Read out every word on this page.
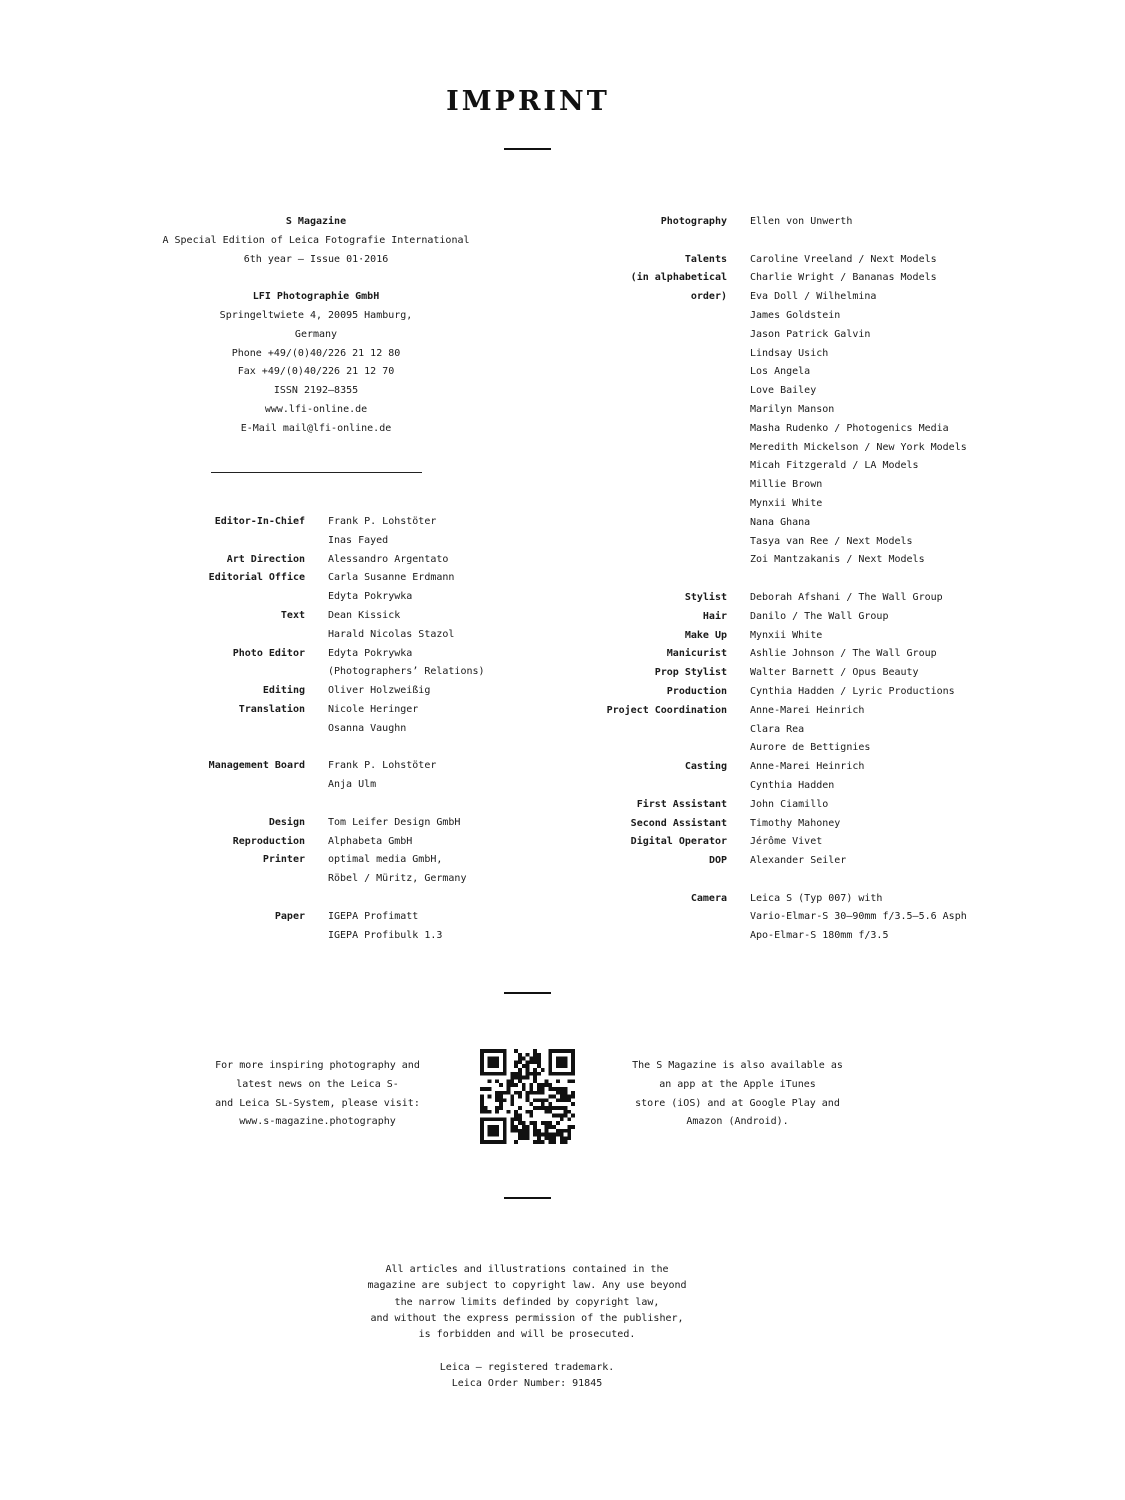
IMPRINT
S Magazine
A Special Edition of Leica Fotografie International
6th year – Issue 01·2016
LFI Photographie GmbH
Springeltwiete 4, 20095 Hamburg,
Germany
Phone +49/(0)40/226 21 12 80
Fax +49/(0)40/226 21 12 70
ISSN 2192–8355
www.lfi-online.de
E-Mail mail@lfi-online.de
Editor-In-Chief Frank P. Lohstöter
Inas Fayed
Art Direction Alessandro Argentato
Editorial Office Carla Susanne Erdmann
Edyta Pokrywka
Text Dean Kissick
Harald Nicolas Stazol
Photo Editor Edyta Pokrywka
(Photographers’ Relations)
Editing Oliver Holzweißig
Translation Nicole Heringer
Osanna Vaughn
Management Board Frank P. Lohstöter
Anja Ulm
Design Tom Leifer Design GmbH
Reproduction Alphabeta GmbH
Printer optimal media GmbH,
Röbel / Müritz, Germany
Paper IGEPA Profimatt
IGEPA Profibulk 1.3
Photography Ellen von Unwerth
Talents
(in alphabetical
order)
Caroline Vreeland / Next Models
Charlie Wright / Bananas Models
Eva Doll / Wilhelmina
James Goldstein
Jason Patrick Galvin
Lindsay Usich
Los Angela
Love Bailey
Marilyn Manson
Masha Rudenko / Photogenics Media
Meredith Mickelson / New York Models
Micah Fitzgerald / LA Models
Millie Brown
Mynxii White
Nana Ghana
Tasya van Ree / Next Models
Zoi Mantzakanis / Next Models
Stylist Deborah Afshani / The Wall Group
Hair Danilo / The Wall Group
Make Up Mynxii White
Manicurist Ashlie Johnson / The Wall Group
Prop Stylist Walter Barnett / Opus Beauty
Production Cynthia Hadden / Lyric Productions
Project Coordination Anne-Marei Heinrich
Clara Rea
Aurore de Bettignies
Casting Anne-Marei Heinrich
Cynthia Hadden
First Assistant John Ciamillo
Second Assistant Timothy Mahoney
Digital Operator Jérôme Vivet
DOP Alexander Seiler
Camera Leica S (Typ 007) with
Vario-Elmar-S 30–90mm f/3.5–5.6 Asph
Apo-Elmar-S 180mm f/3.5
For more inspiring photography and
latest news on the Leica S-
and Leica SL-System, please visit:
www.s-magazine.photography
The S Magazine is also available as
an app at the Apple iTunes
store (iOS) and at Google Play and
Amazon (Android).
All articles and illustrations contained in the
magazine are subject to copyright law. Any use beyond
the narrow limits definded by copyright law,
and without the express permission of the publisher,
is forbidden and will be prosecuted.
Leica – registered trademark.
Leica Order Number: 91845
